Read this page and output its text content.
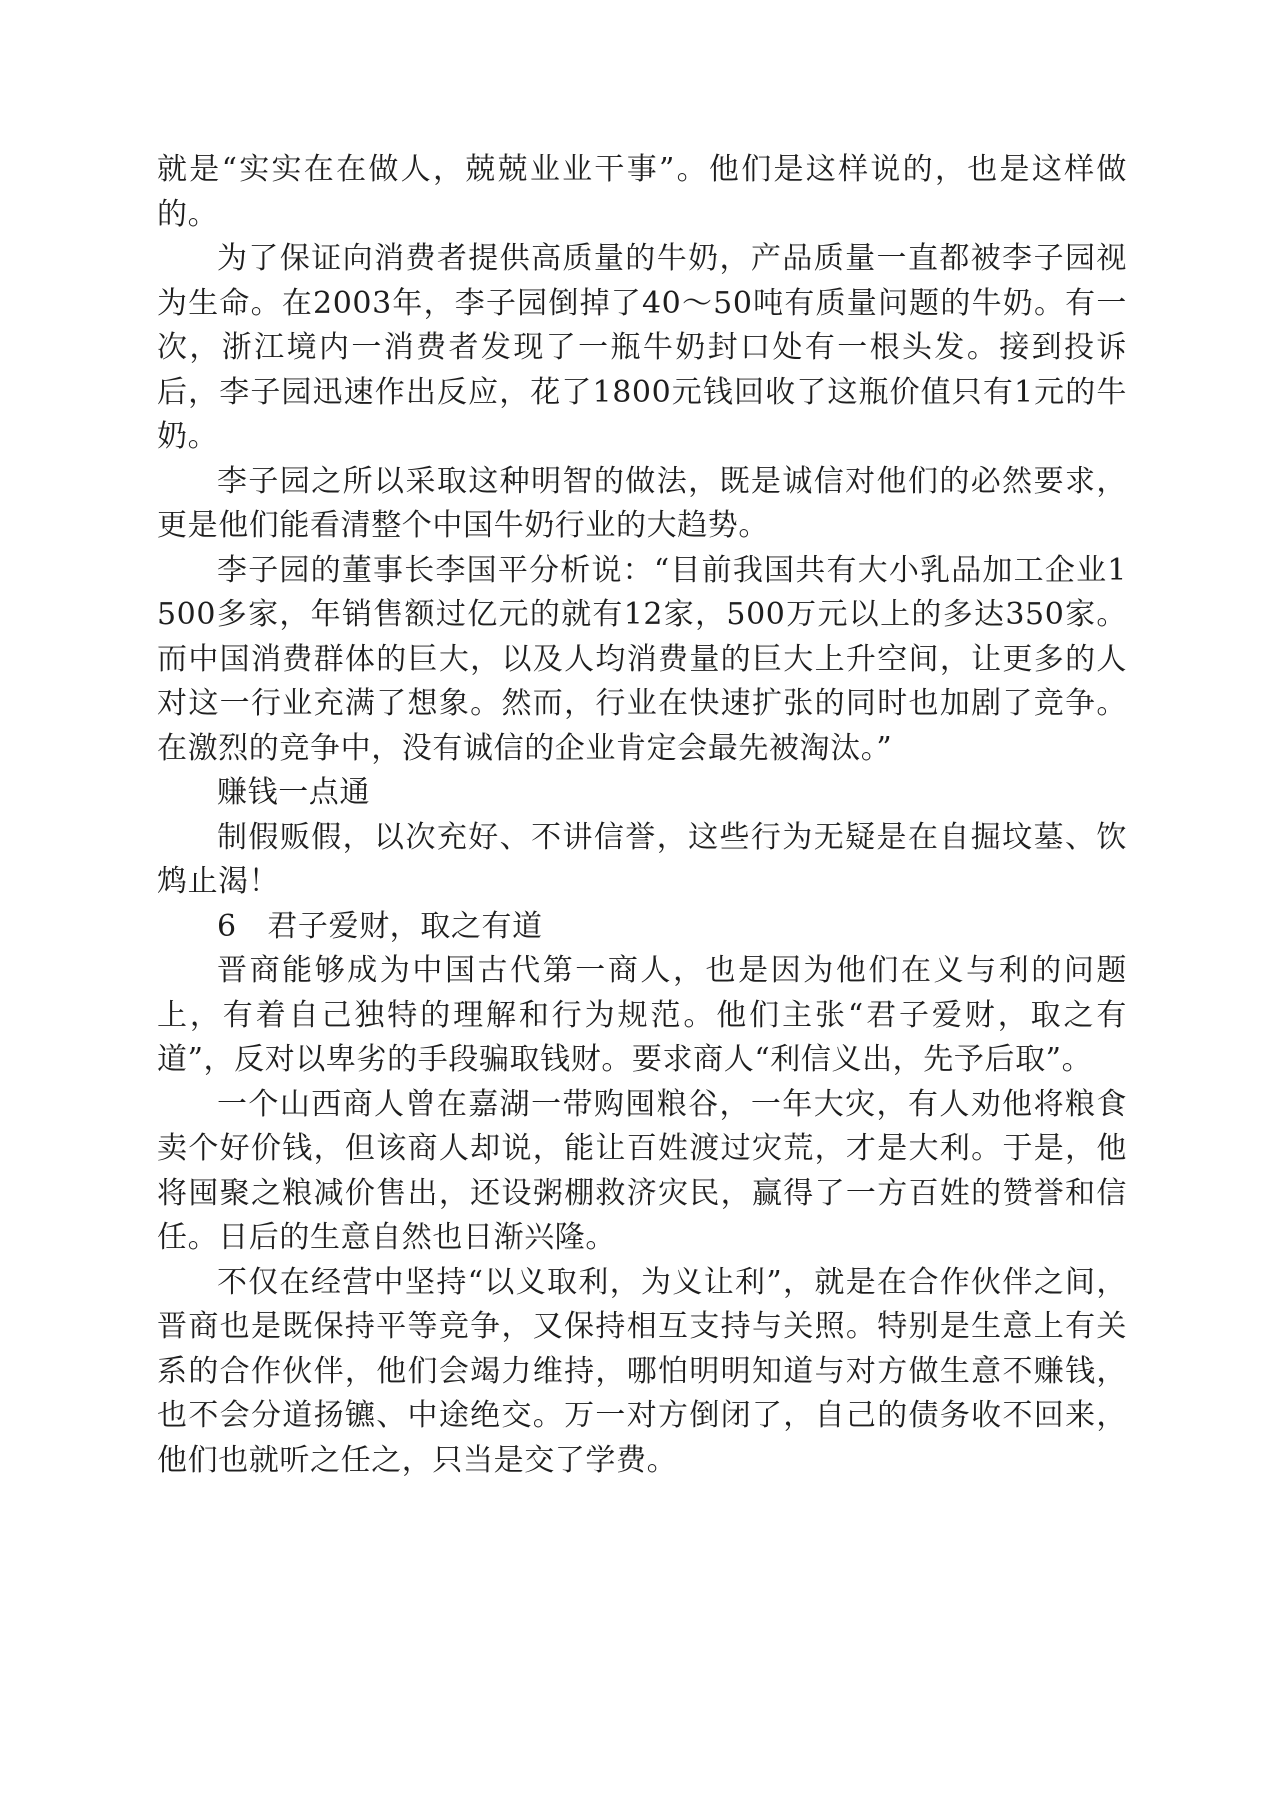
就是“实实在在做人，兢兢业业干事”。他们是这样说的，也是这样做的。

为了保证向消费者提供高质量的牛奶，产品质量一直都被李子园视为生命。在2003年，李子园倒掉了40～50吨有质量问题的牛奶。有一次，浙江境内一消费者发现了一瓶牛奶封口处有一根头发。接到投诉后，李子园迅速作出反应，花了1800元钱回收了这瓶价值只有1元的牛奶。

李子园之所以采取这种明智的做法，既是诚信对他们的必然要求，更是他们能看清整个中国牛奶行业的大趋势。

李子园的董事长李国平分析说：“目前我国共有大小乳品加工企业1500多家，年销售额过亿元的就有12家，500万元以上的多达350家。而中国消费群体的巨大，以及人均消费量的巨大上升空间，让更多的人对这一行业充满了想象。然而，行业在快速扩张的同时也加剧了竞争。在激烈的竞争中，没有诚信的企业肯定会最先被淘汰。”

赚钱一点通

制假贩假，以次充好、不讲信誉，这些行为无疑是在自掘坟墓、饮鸩止渴！

6　君子爱财，取之有道

晋商能够成为中国古代第一商人，也是因为他们在义与利的问题上，有着自己独特的理解和行为规范。他们主张“君子爱财，取之有道”，反对以卑劣的手段骗取钱财。要求商人“利信义出，先予后取”。

一个山西商人曾在嘉湖一带购囤粮谷，一年大灾，有人劝他将粮食卖个好价钱，但该商人却说，能让百姓渡过灾荒，才是大利。于是，他将囤聚之粮减价售出，还设粥棚救济灾民，赢得了一方百姓的赞誉和信任。日后的生意自然也日渐兴隆。

不仅在经营中坚持“以义取利，为义让利”，就是在合作伙伴之间，晋商也是既保持平等竞争，又保持相互支持与关照。特别是生意上有关系的合作伙伴，他们会竭力维持，哪怕明明知道与对方做生意不赚钱，也不会分道扬镳、中途绝交。万一对方倒闭了，自己的债务收不回来，他们也就听之任之，只当是交了学费。
